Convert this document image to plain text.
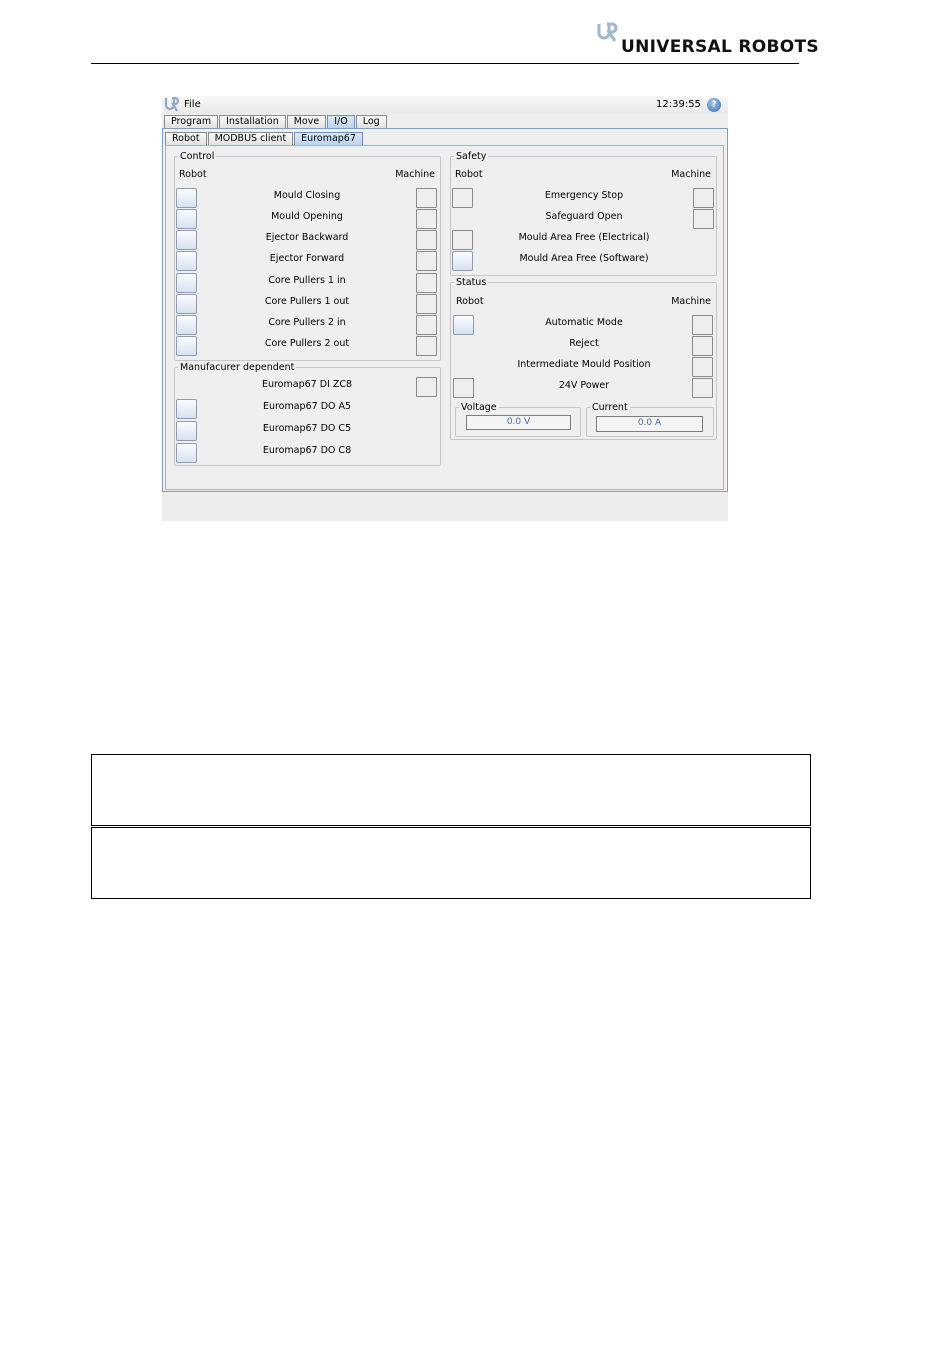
UNIVERSAL ROBOTS
File	12:39:55	?
Program	Installation	Move	I/O	Log
Control
Robot	Machine
Mould Closing
Mould Opening
Ejector Backward
Ejector Forward
Core Pullers 1 in
Core Pullers 1 out
Core Pullers 2 in
Core Pullers 2 out
Manufacurer dependent
Euromap67 DI ZC8
Euromap67 DO A5
Euromap67 DO C5
Euromap67 DO C8
Safety
Robot	Machine
Emergency Stop
Safeguard Open
Mould Area Free (Electrical)
Mould Area Free (Software)
Status
Robot	Machine
Automatic Mode
Reject
Intermediate Mould Position
24V Power
Voltage
0.0 V
Current
0.0 A
Robot	MODBUS client	Euromap67
